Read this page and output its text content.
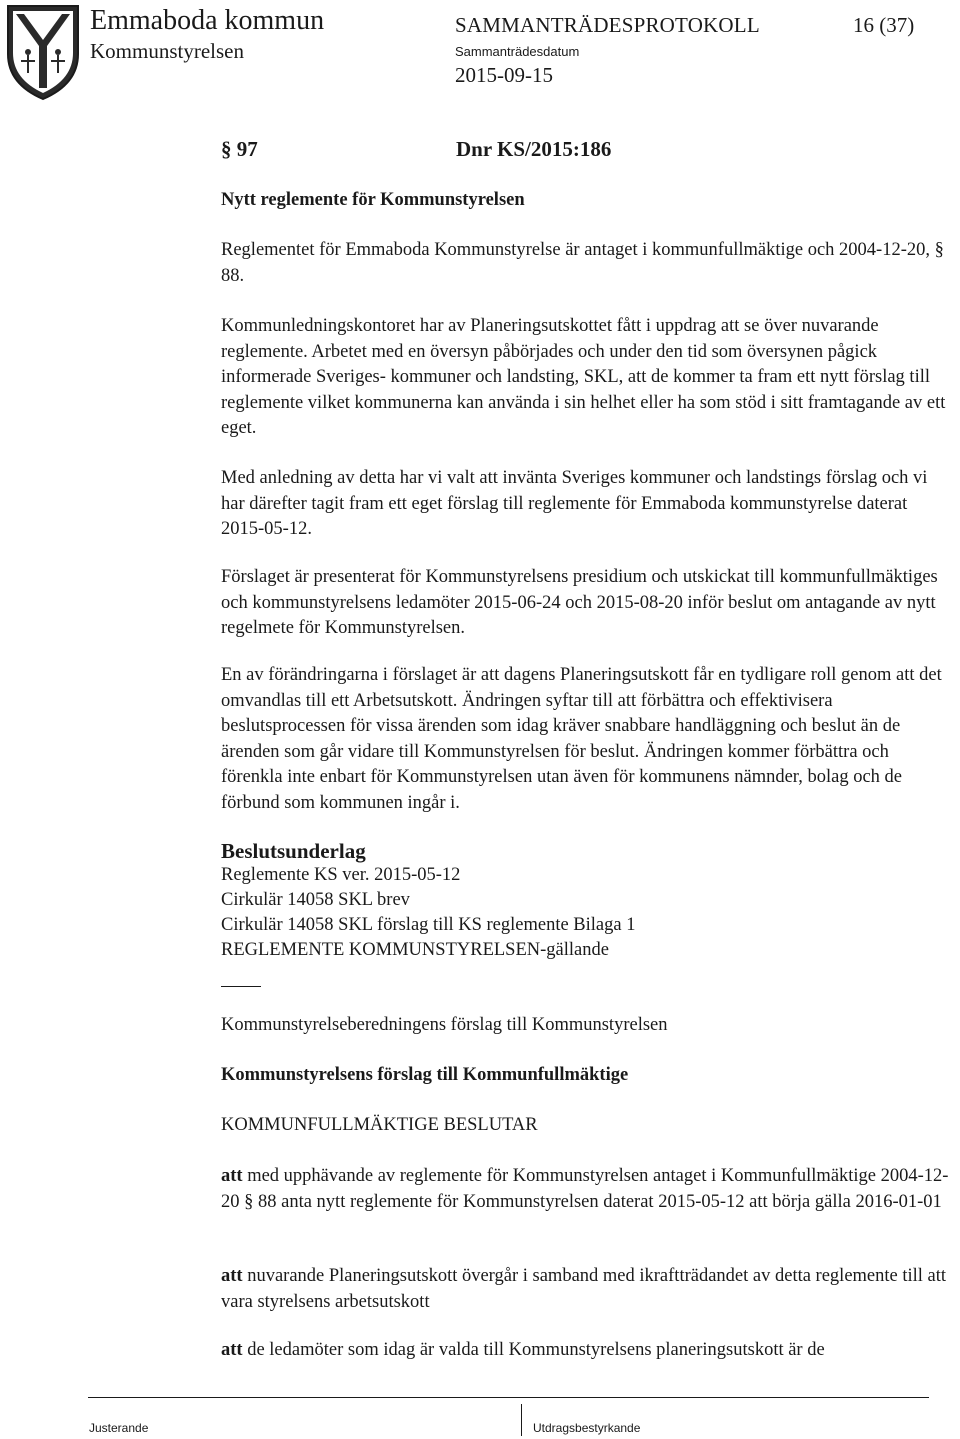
Emmaboda kommun
Kommunstyrelsen
SAMMANTRÄDESPROTOKOLL	16 (37)
Sammanträdesdatum
2015-09-15
§ 97	Dnr KS/2015:186
Nytt reglemente för Kommunstyrelsen
Reglementet för Emmaboda Kommunstyrelse är antaget i kommunfullmäktige och 2004-12-20, § 88.
Kommunledningskontoret har av Planeringsutskottet fått i uppdrag att se över nuvarande reglemente. Arbetet med en översyn påbörjades och under den tid som översynen pågick informerade Sveriges- kommuner och landsting, SKL, att de kommer ta fram ett nytt förslag till reglemente vilket kommunerna kan använda i sin helhet eller ha som stöd i sitt framtagande av ett eget.
Med anledning av detta har vi valt att invänta Sveriges kommuner och landstings förslag och vi har därefter tagit fram ett eget förslag till reglemente för Emmaboda kommunstyrelse daterat 2015-05-12.
Förslaget är presenterat för Kommunstyrelsens presidium och utskickat till kommunfullmäktiges och kommunstyrelsens ledamöter 2015-06-24 och 2015-08-20 inför beslut om antagande av nytt regelmete för Kommunstyrelsen.
En av förändringarna i förslaget är att dagens Planeringsutskott får en tydligare roll genom att det omvandlas till ett Arbetsutskott. Ändringen syftar till att förbättra och effektivisera beslutsprocessen för vissa ärenden som idag kräver snabbare handläggning och beslut än de ärenden som går vidare till Kommunstyrelsen för beslut. Ändringen kommer förbättra och förenkla inte enbart för Kommunstyrelsen utan även för kommunens nämnder, bolag och de förbund som kommunen ingår i.
Beslutsunderlag
Reglemente KS ver. 2015-05-12
Cirkulär 14058 SKL brev
Cirkulär 14058 SKL förslag till KS reglemente Bilaga 1
REGLEMENTE KOMMUNSTYRELSEN-gällande
Kommunstyrelseberedningens förslag till Kommunstyrelsen
Kommunstyrelsens förslag till Kommunfullmäktige
KOMMUNFULLMÄKTIGE BESLUTAR
att med upphävande av reglemente för Kommunstyrelsen antaget i Kommunfullmäktige 2004-12-20 § 88 anta nytt reglemente för Kommunstyrelsen daterat 2015-05-12 att börja gälla 2016-01-01
att nuvarande Planeringsutskott övergår i samband med ikraftträdandet av detta reglemente till att vara styrelsens arbetsutskott
att de ledamöter som idag är valda till Kommunstyrelsens planeringsutskott är de
Justerande	Utdragsbestyrkande
